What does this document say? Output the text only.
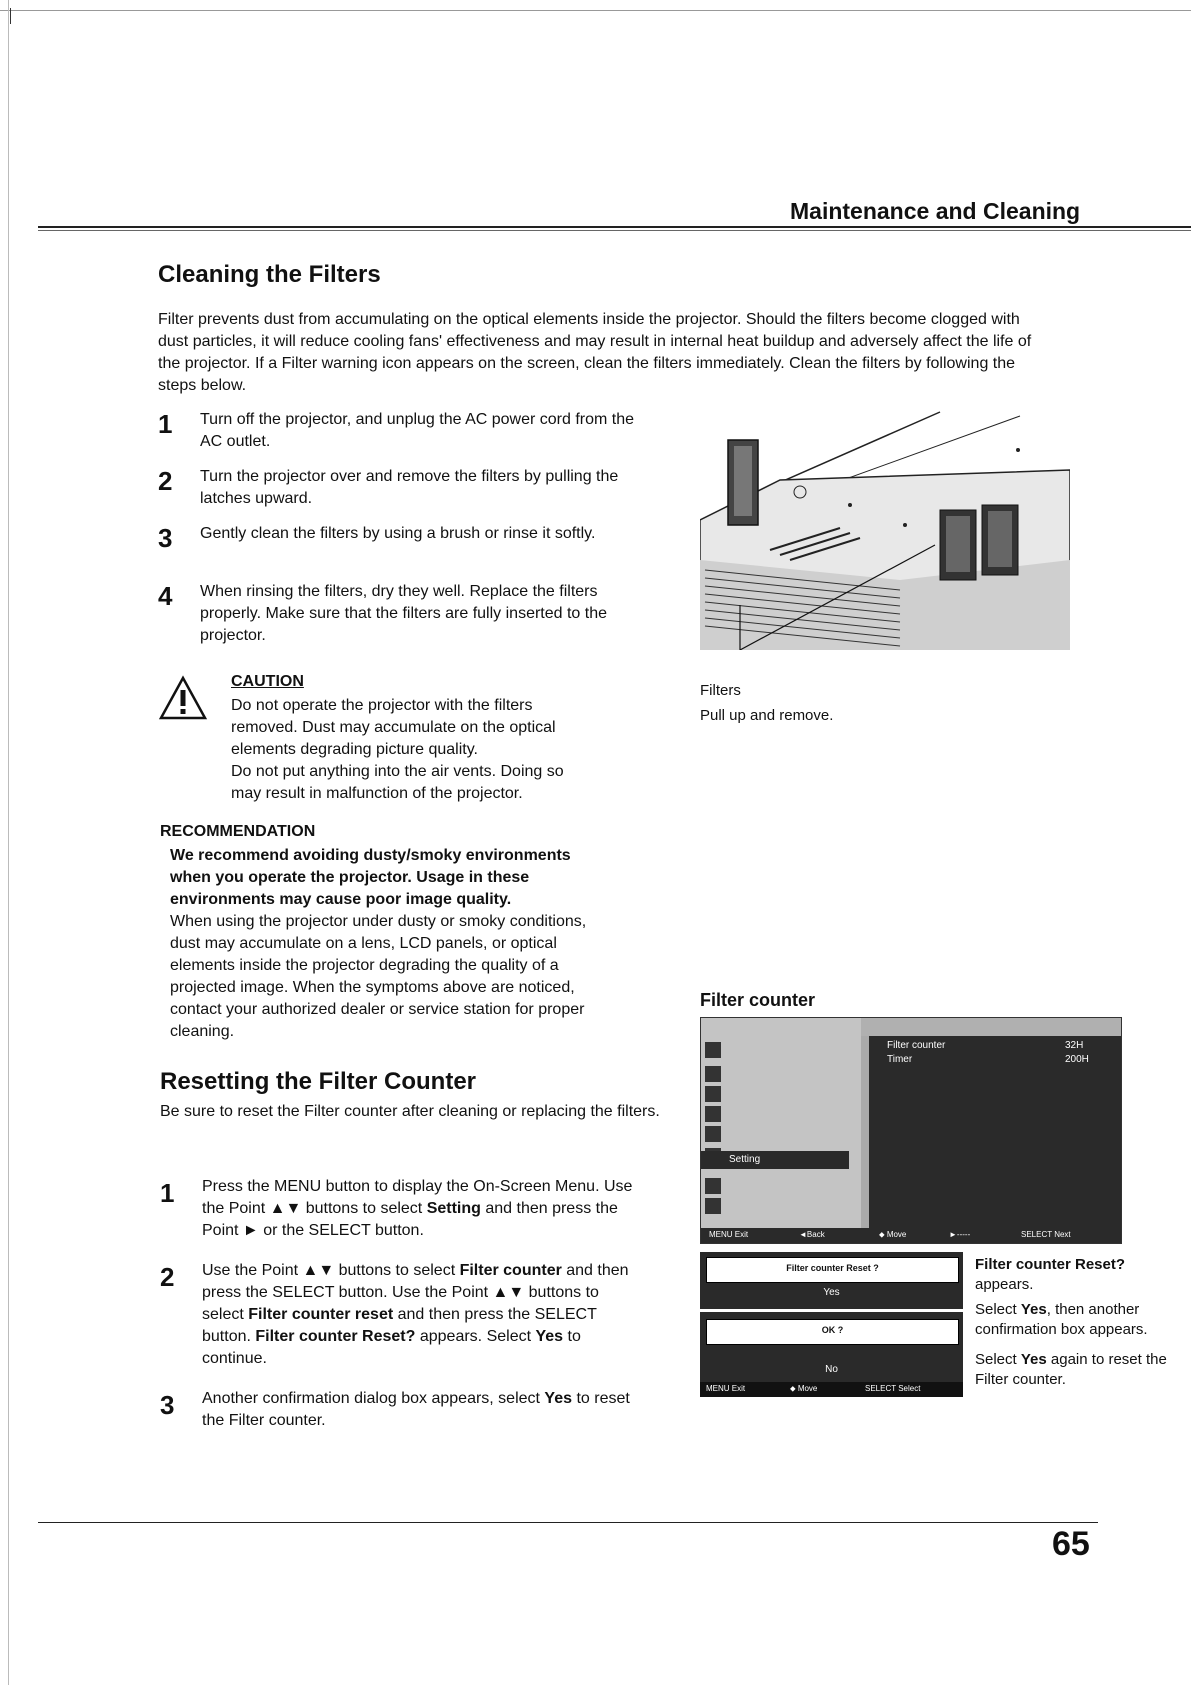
Maintenance and Cleaning
Cleaning the Filters
Filter prevents dust from accumulating on the optical elements inside the projector. Should the filters become clogged with dust particles, it will reduce cooling fans' effectiveness and may result in internal heat buildup and adversely affect the life of the projector. If a Filter warning icon appears on the screen, clean the filters immediately. Clean the filters by following the steps below.
1 Turn off the projector, and unplug the AC power cord from the AC outlet.
2 Turn the projector over and remove the filters by pulling the latches upward.
3 Gently clean the filters by using a brush or rinse it softly.
4 When rinsing the filters, dry they well. Replace the filters properly. Make sure that the filters are fully inserted to the projector.
CAUTION
Do not operate the projector with the filters
removed. Dust may accumulate on the optical
elements degrading picture quality.
Do not put anything into the air vents. Doing so
may result in malfunction of the projector.
Filters
Pull up and remove.
RECOMMENDATION
We recommend avoiding dusty/smoky environments
when you operate the projector. Usage in these
environments may cause poor image quality.
When using the projector under dusty or smoky conditions,
dust may accumulate on a lens, LCD panels, or optical
elements inside the projector degrading the quality of a
projected image. When the symptoms above are noticed,
contact your authorized dealer or service station for proper
cleaning.
Resetting the Filter Counter
Be sure to reset the Filter counter after cleaning or replacing the filters.
1 Press the MENU button to display the On-Screen Menu. Use the Point ▲▼ buttons to select Setting and then press the Point ► or the SELECT button.
2 Use the Point ▲▼ buttons to select Filter counter and then press the SELECT button. Use the Point ▲▼ buttons to select Filter counter reset and then press the SELECT button. Filter counter Reset? appears. Select Yes to continue.
3 Another confirmation dialog box appears, select Yes to reset the Filter counter.
Filter counter
Setting
Filter counter	32H
Timer	200H
MENU Exit	◄Back	⬥ Move	►-----	SELECT Next
Filter counter Reset ?
Yes
OK ?
No
MENU Exit	⬥ Move	SELECT Select
Filter counter Reset?
appears.
Select Yes, then another confirmation box appears.
Select Yes again to reset the Filter counter.
65
